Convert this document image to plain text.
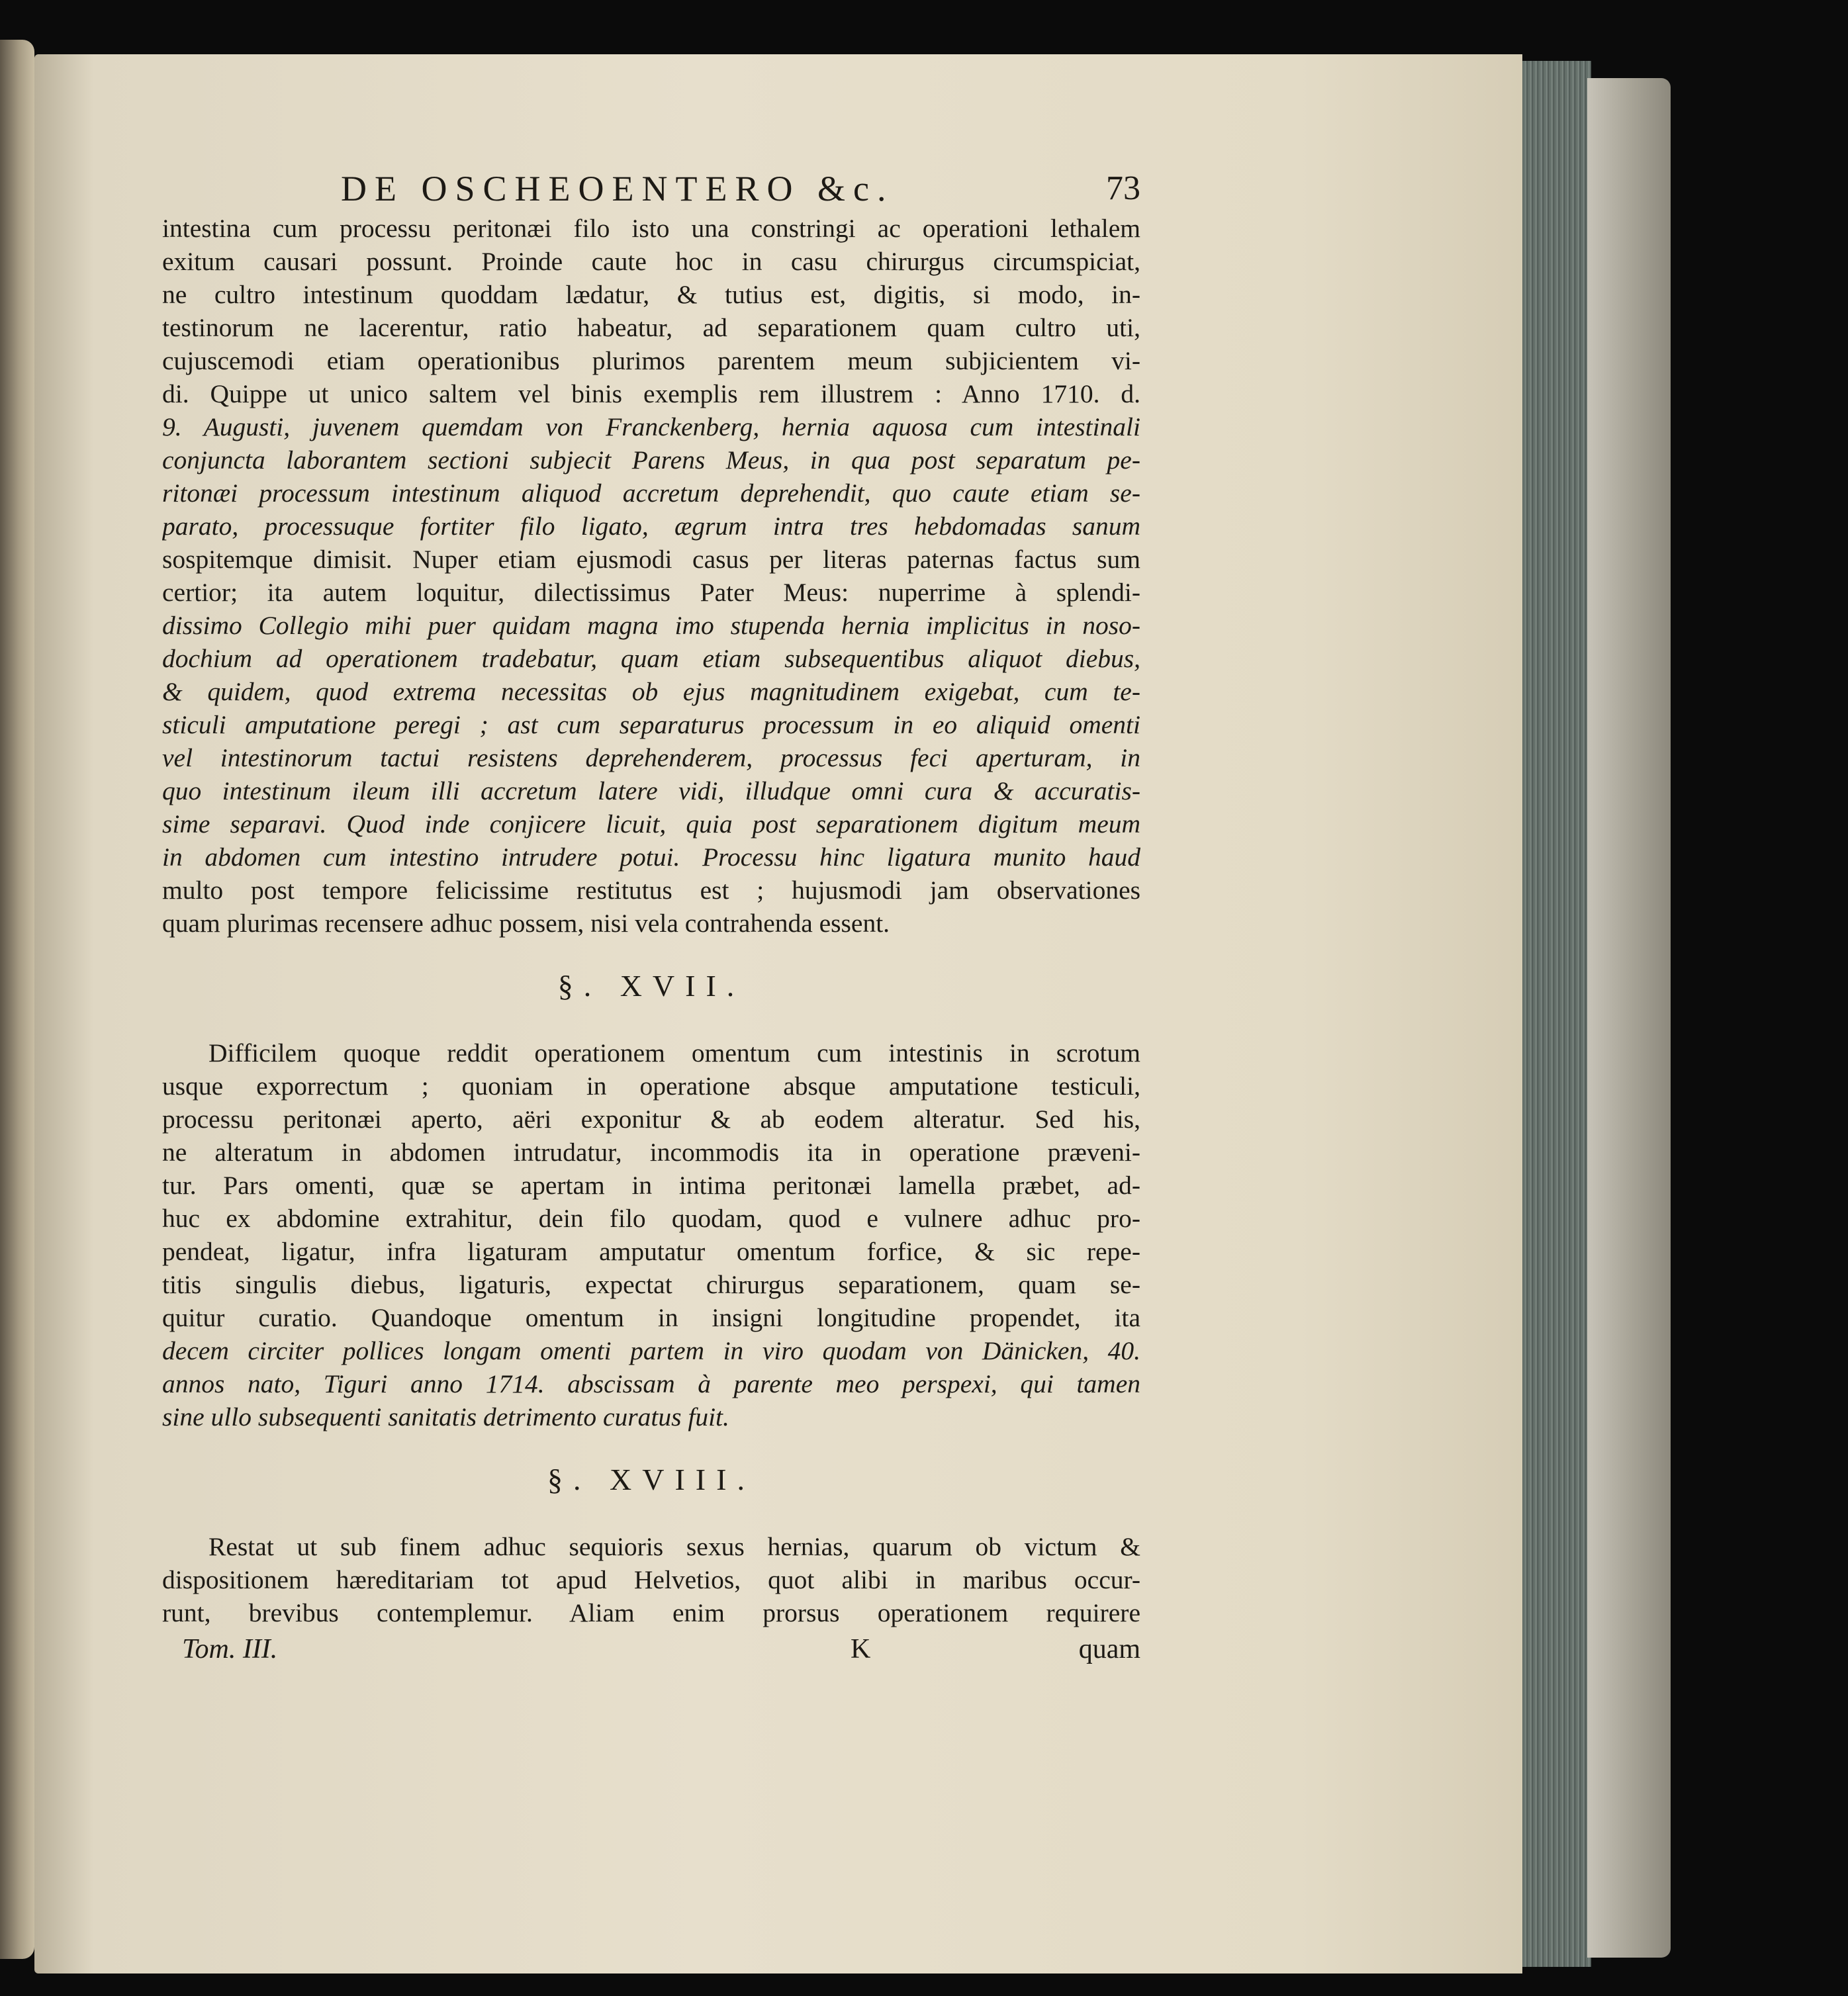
DE OSCHEOENTERO &c.	73
intestina cum processu peritonæi filo isto una constringi ac operationi lethalem
exitum causari possunt. Proinde caute hoc in casu chirurgus circumspiciat,
ne cultro intestinum quoddam lædatur, & tutius est, digitis, si modo, in-
testinorum ne lacerentur, ratio habeatur, ad separationem quam cultro uti,
cujuscemodi etiam operationibus plurimos parentem meum subjicientem vi-
di. Quippe ut unico saltem vel binis exemplis rem illustrem : Anno 1710. d.
9. Augusti, juvenem quemdam von Franckenberg, hernia aquosa cum intestinali
conjuncta laborantem sectioni subjecit Parens Meus, in qua post separatum pe-
ritonæi processum intestinum aliquod accretum deprehendit, quo caute etiam se-
parato, processuque fortiter filo ligato, ægrum intra tres hebdomadas sanum
sospitemque dimisit. Nuper etiam ejusmodi casus per literas paternas factus sum
certior; ita autem loquitur, dilectissimus Pater Meus: nuperrime à splendi-
dissimo Collegio mihi puer quidam magna imo stupenda hernia implicitus in noso-
dochium ad operationem tradebatur, quam etiam subsequentibus aliquot diebus,
& quidem, quod extrema necessitas ob ejus magnitudinem exigebat, cum te-
sticuli amputatione peregi ; ast cum separaturus processum in eo aliquid omenti
vel intestinorum tactui resistens deprehenderem, processus feci aperturam, in
quo intestinum ileum illi accretum latere vidi, illudque omni cura & accuratis-
sime separavi. Quod inde conjicere licuit, quia post separationem digitum meum
in abdomen cum intestino intrudere potui. Processu hinc ligatura munito haud
multo post tempore felicissime restitutus est ; hujusmodi jam observationes
quam plurimas recensere adhuc possem, nisi vela contrahenda essent.
§. XVII.
Difficilem quoque reddit operationem omentum cum intestinis in scrotum
usque exporrectum ; quoniam in operatione absque amputatione testiculi,
processu peritonæi aperto, aëri exponitur & ab eodem alteratur. Sed his,
ne alteratum in abdomen intrudatur, incommodis ita in operatione præveni-
tur. Pars omenti, quæ se apertam in intima peritonæi lamella præbet, ad-
huc ex abdomine extrahitur, dein filo quodam, quod e vulnere adhuc pro-
pendeat, ligatur, infra ligaturam amputatur omentum forfice, & sic repe-
titis singulis diebus, ligaturis, expectat chirurgus separationem, quam se-
quitur curatio. Quandoque omentum in insigni longitudine propendet, ita
decem circiter pollices longam omenti partem in viro quodam von Dänicken, 40.
annos nato, Tiguri anno 1714. abscissam à parente meo perspexi, qui tamen
sine ullo subsequenti sanitatis detrimento curatus fuit.
§. XVIII.
Restat ut sub finem adhuc sequioris sexus hernias, quarum ob victum &
dispositionem hæreditariam tot apud Helvetios, quot alibi in maribus occur-
runt, brevibus contemplemur. Aliam enim prorsus operationem requirere
Tom. III.	K	quam
